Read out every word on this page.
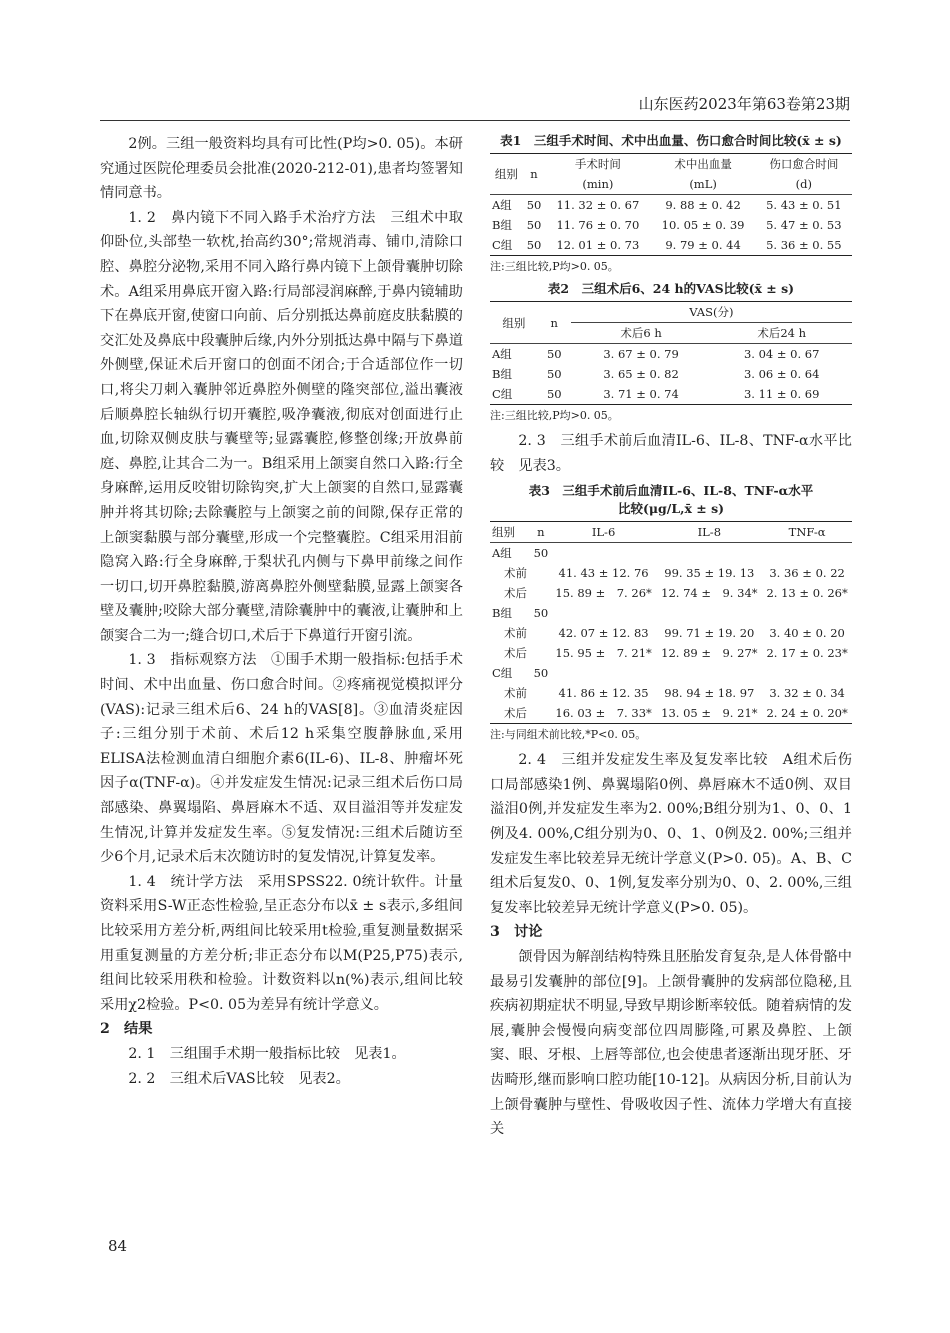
山东医药2023年第63卷第23期

2例。三组一般资料均具有可比性(P均>0. 05)。本研究通过医院伦理委员会批准(2020-212-01),患者均签署知情同意书。

1. 2　鼻内镜下不同入路手术治疗方法　三组术中取仰卧位,头部垫一软枕,抬高约30°;常规消毒、铺巾,清除口腔、鼻腔分泌物,采用不同入路行鼻内镜下上颌骨囊肿切除术。A组采用鼻底开窗入路:行局部浸润麻醉,于鼻内镜辅助下在鼻底开窗,使窗口向前、后分别抵达鼻前庭皮肤黏膜的交汇处及鼻底中段囊肿后缘,内外分别抵达鼻中隔与下鼻道外侧壁,保证术后开窗口的创面不闭合;于合适部位作一切口,将尖刀刺入囊肿邻近鼻腔外侧壁的隆突部位,溢出囊液后顺鼻腔长轴纵行切开囊腔,吸净囊液,彻底对创面进行止血,切除双侧皮肤与囊壁等;显露囊腔,修整创缘;开放鼻前庭、鼻腔,让其合二为一。B组采用上颌窦自然口入路:行全身麻醉,运用反咬钳切除钩突,扩大上颌窦的自然口,显露囊肿并将其切除;去除囊腔与上颌窦之前的间隙,保存正常的上颌窦黏膜与部分囊壁,形成一个完整囊腔。C组采用泪前隐窝入路:行全身麻醉,于梨状孔内侧与下鼻甲前缘之间作一切口,切开鼻腔黏膜,游离鼻腔外侧壁黏膜,显露上颌窦各壁及囊肿;咬除大部分囊壁,清除囊肿中的囊液,让囊肿和上颌窦合二为一;缝合切口,术后于下鼻道行开窗引流。

1. 3　指标观察方法　①围手术期一般指标:包括手术时间、术中出血量、伤口愈合时间。②疼痛视觉模拟评分(VAS):记录三组术后6、24 h的VAS[8]。③血清炎症因子:三组分别于术前、术后12 h采集空腹静脉血,采用ELISA法检测血清白细胞介素6(IL-6)、IL-8、肿瘤坏死因子α(TNF-α)。④并发症发生情况:记录三组术后伤口局部感染、鼻翼塌陷、鼻唇麻木不适、双目溢泪等并发症发生情况,计算并发症发生率。⑤复发情况:三组术后随访至少6个月,记录术后末次随访时的复发情况,计算复发率。

1. 4　统计学方法　采用SPSS22. 0统计软件。计量资料采用S-W正态性检验,呈正态分布以x̄ ± s表示,多组间比较采用方差分析,两组间比较采用t检验,重复测量数据采用重复测量的方差分析;非正态分布以M(P25,P75)表示,组间比较采用秩和检验。计数资料以n(%)表示,组间比较采用χ2检验。P<0. 05为差异有统计学意义。

2　结果

2. 1　三组围手术期一般指标比较　见表1。

2. 2　三组术后VAS比较　见表2。

表1　三组手术时间、术中出血量、伤口愈合时间比较(x̄ ± s)
组别	n	手术时间	术中出血量	伤口愈合时间
		(min)	(mL)	(d)
A组	50	11. 32 ± 0. 67	9. 88 ± 0. 42	5. 43 ± 0. 51
B组	50	11. 76 ± 0. 70	10. 05 ± 0. 39	5. 47 ± 0. 53
C组	50	12. 01 ± 0. 73	9. 79 ± 0. 44	5. 36 ± 0. 55
注:三组比较,P均>0. 05。
表2　三组术后6、24 h的VAS比较(x̄ ± s)
组别	n	VAS(分)	
		术后6 h	术后24 h
A组	50	3. 67 ± 0. 79	3. 04 ± 0. 67
B组	50	3. 65 ± 0. 82	3. 06 ± 0. 64
C组	50	3. 71 ± 0. 74	3. 11 ± 0. 69
注:三组比较,P均>0. 05。

2. 3　三组手术前后血清IL-6、IL-8、TNF-α水平比较　见表3。

表3　三组手术前后血清IL-6、IL-8、TNF-α水平
比较(μg/L,x̄ ± s)
组别	n	IL-6	IL-8	TNF-α
A组	50			
术前		41. 43 ± 12. 76	99. 35 ± 19. 13	3. 36 ± 0. 22
术后		15. 89 ±　7. 26*	12. 74 ±　9. 34*	2. 13 ± 0. 26*
B组	50			
术前		42. 07 ± 12. 83	99. 71 ± 19. 20	3. 40 ± 0. 20
术后		15. 95 ±　7. 21*	12. 89 ±　9. 27*	2. 17 ± 0. 23*
C组	50			
术前		41. 86 ± 12. 35	98. 94 ± 18. 97	3. 32 ± 0. 34
术后		16. 03 ±　7. 33*	13. 05 ±　9. 21*	2. 24 ± 0. 20*
注:与同组术前比较,*P<0. 05。

2. 4　三组并发症发生率及复发率比较　A组术后伤口局部感染1例、鼻翼塌陷0例、鼻唇麻木不适0例、双目溢泪0例,并发症发生率为2. 00%;B组分别为1、0、0、1例及4. 00%,C组分别为0、0、1、0例及2. 00%;三组并发症发生率比较差异无统计学意义(P>0. 05)。A、B、C组术后复发0、0、1例,复发率分别为0、0、2. 00%,三组复发率比较差异无统计学意义(P>0. 05)。

3　讨论

颌骨因为解剖结构特殊且胚胎发育复杂,是人体骨骼中最易引发囊肿的部位[9]。上颌骨囊肿的发病部位隐秘,且疾病初期症状不明显,导致早期诊断率较低。随着病情的发展,囊肿会慢慢向病变部位四周膨隆,可累及鼻腔、上颌窦、眼、牙根、上唇等部位,也会使患者逐渐出现牙胚、牙齿畸形,继而影响口腔功能[10-12]。从病因分析,目前认为上颌骨囊肿与壁性、骨吸收因子性、流体力学增大有直接关

84
